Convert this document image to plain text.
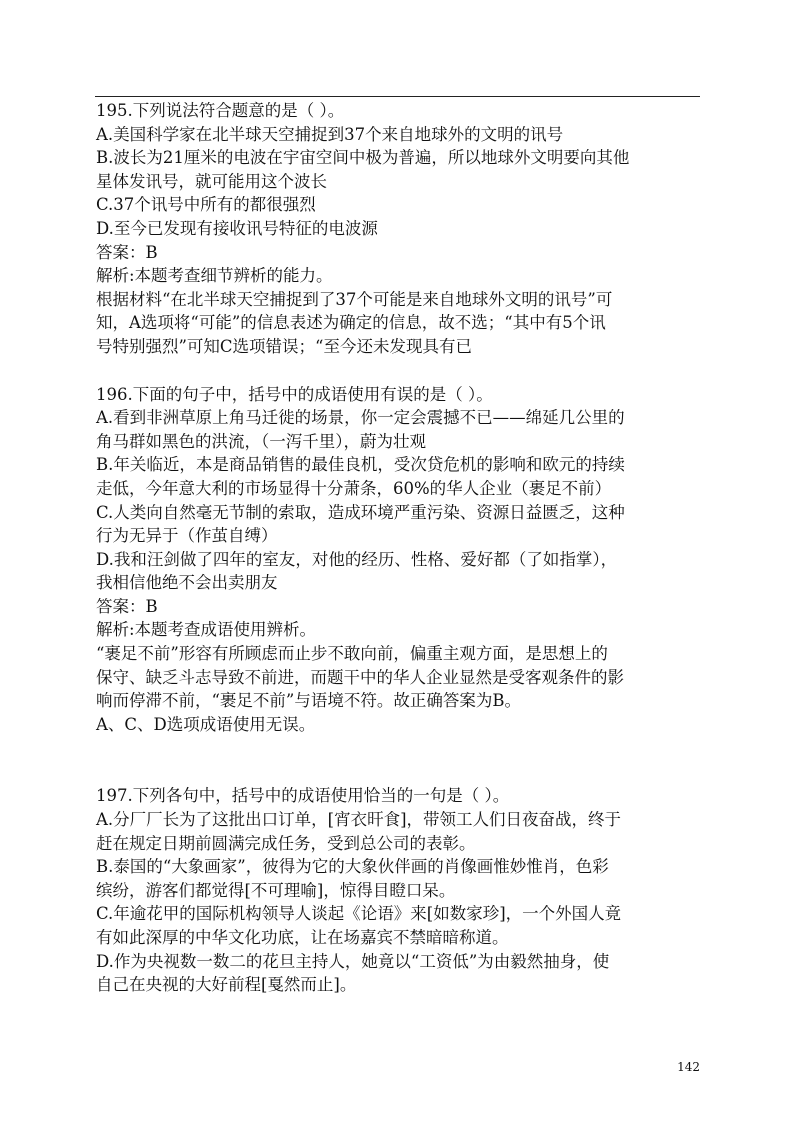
195.下列说法符合题意的是（ ）。
A.美国科学家在北半球天空捕捉到37个来自地球外的文明的讯号
B.波长为21厘米的电波在宇宙空间中极为普遍，所以地球外文明要向其他
星体发讯号，就可能用这个波长
C.37个讯号中所有的都很强烈
D.至今已发现有接收讯号特征的电波源
答案：B
解析:本题考查细节辨析的能力。
根据材料“在北半球天空捕捉到了37个可能是来自地球外文明的讯号”可
知，A选项将“可能”的信息表述为确定的信息，故不选；“其中有5个讯
号特别强烈”可知C选项错误；“至今还未发现具有已
196.下面的句子中，括号中的成语使用有误的是（ ）。
A.看到非洲草原上角马迁徙的场景，你一定会震撼不已——绵延几公里的
角马群如黑色的洪流，（一泻千里），蔚为壮观
B.年关临近，本是商品销售的最佳良机，受次贷危机的影响和欧元的持续
走低，今年意大利的市场显得十分萧条，60%的华人企业（裹足不前）
C.人类向自然毫无节制的索取，造成环境严重污染、资源日益匮乏，这种
行为无异于（作茧自缚）
D.我和汪剑做了四年的室友，对他的经历、性格、爱好都（了如指掌），
我相信他绝不会出卖朋友
答案：B
解析:本题考查成语使用辨析。
“裹足不前”形容有所顾虑而止步不敢向前，偏重主观方面，是思想上的
保守、缺乏斗志导致不前进，而题干中的华人企业显然是受客观条件的影
响而停滞不前，“裹足不前”与语境不符。故正确答案为B。
A、C、D选项成语使用无误。
197.下列各句中，括号中的成语使用恰当的一句是（ ）。
A.分厂厂长为了这批出口订单，[宵衣旰食]，带领工人们日夜奋战，终于
赶在规定日期前圆满完成任务，受到总公司的表彰。
B.泰国的“大象画家”，彼得为它的大象伙伴画的肖像画惟妙惟肖，色彩
缤纷，游客们都觉得[不可理喻]，惊得目瞪口呆。
C.年逾花甲的国际机构领导人谈起《论语》来[如数家珍]，一个外国人竟
有如此深厚的中华文化功底，让在场嘉宾不禁暗暗称道。
D.作为央视数一数二的花旦主持人，她竟以“工资低”为由毅然抽身，使
自己在央视的大好前程[戛然而止]。
142
